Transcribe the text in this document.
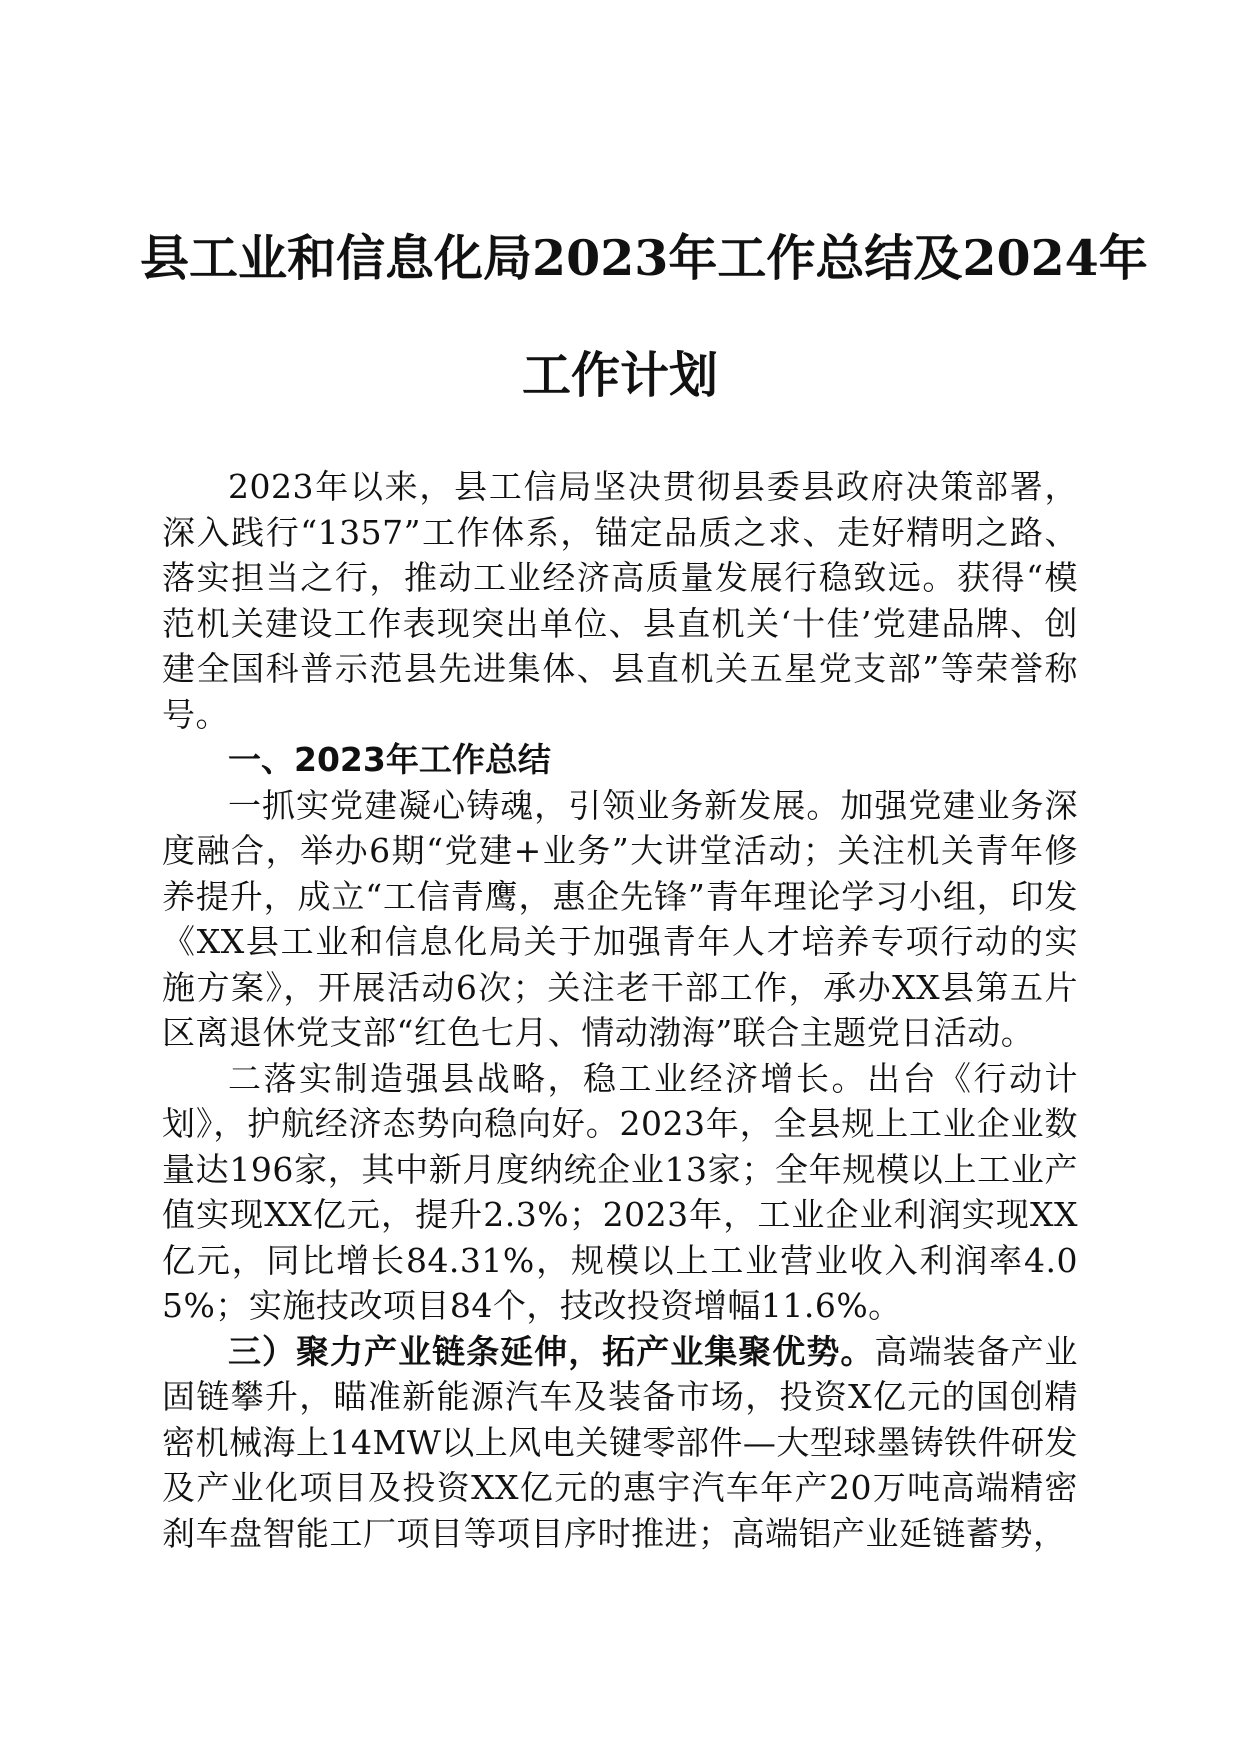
县工业和信息化局2023年工作总结及2024年
工作计划

2023年以来，县工信局坚决贯彻县委县政府决策部署，深入践行“1357”工作体系，锚定品质之求、走好精明之路、落实担当之行，推动工业经济高质量发展行稳致远。获得“模范机关建设工作表现突出单位、县直机关‘十佳’党建品牌、创建全国科普示范县先进集体、县直机关五星党支部”等荣誉称号。

一、2023年工作总结

一抓实党建凝心铸魂，引领业务新发展。加强党建业务深度融合，举办6期“党建+业务”大讲堂活动；关注机关青年修养提升，成立“工信青鹰，惠企先锋”青年理论学习小组，印发《XX县工业和信息化局关于加强青年人才培养专项行动的实施方案》，开展活动6次；关注老干部工作，承办XX县第五片区离退休党支部“红色七月、情动渤海”联合主题党日活动。

二落实制造强县战略，稳工业经济增长。出台《行动计划》，护航经济态势向稳向好。2023年，全县规上工业企业数量达196家，其中新月度纳统企业13家；全年规模以上工业产值实现XX亿元，提升2.3%；2023年，工业企业利润实现XX亿元，同比增长84.31%，规模以上工业营业收入利润率4.05%；实施技改项目84个，技改投资增幅11.6%。

三）聚力产业链条延伸，拓产业集聚优势。高端装备产业固链攀升，瞄准新能源汽车及装备市场，投资X亿元的国创精密机械海上14MW以上风电关键零部件—大型球墨铸铁件研发及产业化项目及投资XX亿元的惠宇汽车年产20万吨高端精密刹车盘智能工厂项目等项目序时推进；高端铝产业延链蓄势，
